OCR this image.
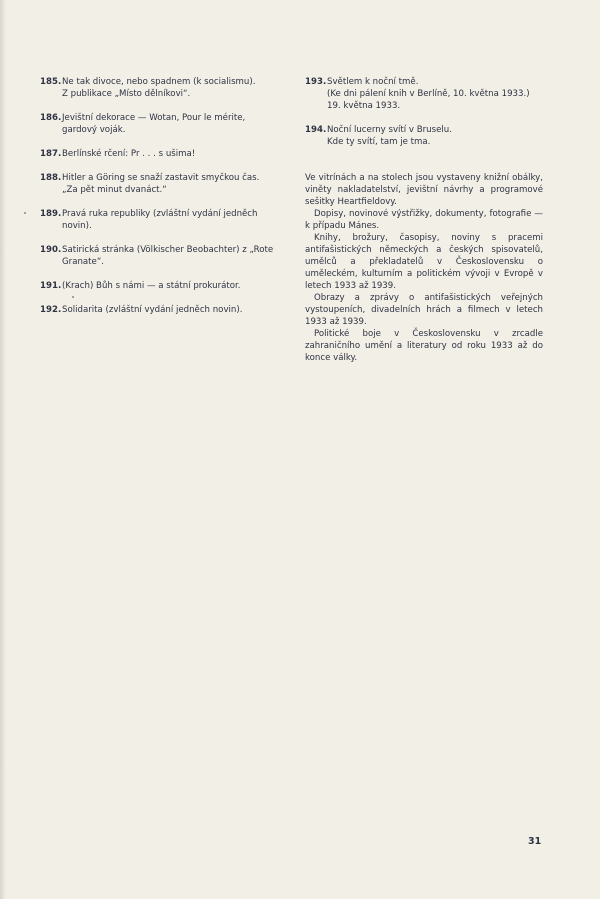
185. Ne tak divoce, nebo spadnem (k socialismu).
Z publikace „Místo dělníkovi“.
186. Jevištní dekorace — Wotan, Pour le mérite, gardový voják.
187. Berlínské rčení: Pr . . . s ušima!
188. Hitler a Göring se snaží zastavit smyčkou čas.
„Za pět minut dvanáct.“
189. Pravá ruka republiky (zvláštní vydání jedněch novin).
190. Satirická stránka (Völkischer Beobachter) z „Rote Granate“.
191. (Krach) Bůh s námi — a státní prokurátor.
192. Solidarita (zvláštní vydání jedněch novin).
193. Světlem k noční tmě.
(Ke dni pálení knih v Berlíně, 10. května 1933.)
19. května 1933.
194. Noční lucerny svítí v Bruselu.
Kde ty svítí, tam je tma.

Ve vitrínách a na stolech jsou vystaveny knižní obálky, viněty nakladatelství, jevištní návrhy a programové sešitky Heartfieldovy.

Dopisy, novinové výstřižky, dokumenty, fotografie — k případu Mánes.

Knihy, brožury, časopisy, noviny s pracemi antifašistických německých a českých spisovatelů, umělců a překladatelů v Československu o uměleckém, kulturním a politickém vývoji v Evropě v letech 1933 až 1939.

Obrazy a zprávy o antifašistických veřejných vystoupeních, divadelních hrách a filmech v letech 1933 až 1939.

Politické boje v Československu v zrcadle zahraničního umění a literatury od roku 1933 až do konce války.

31
